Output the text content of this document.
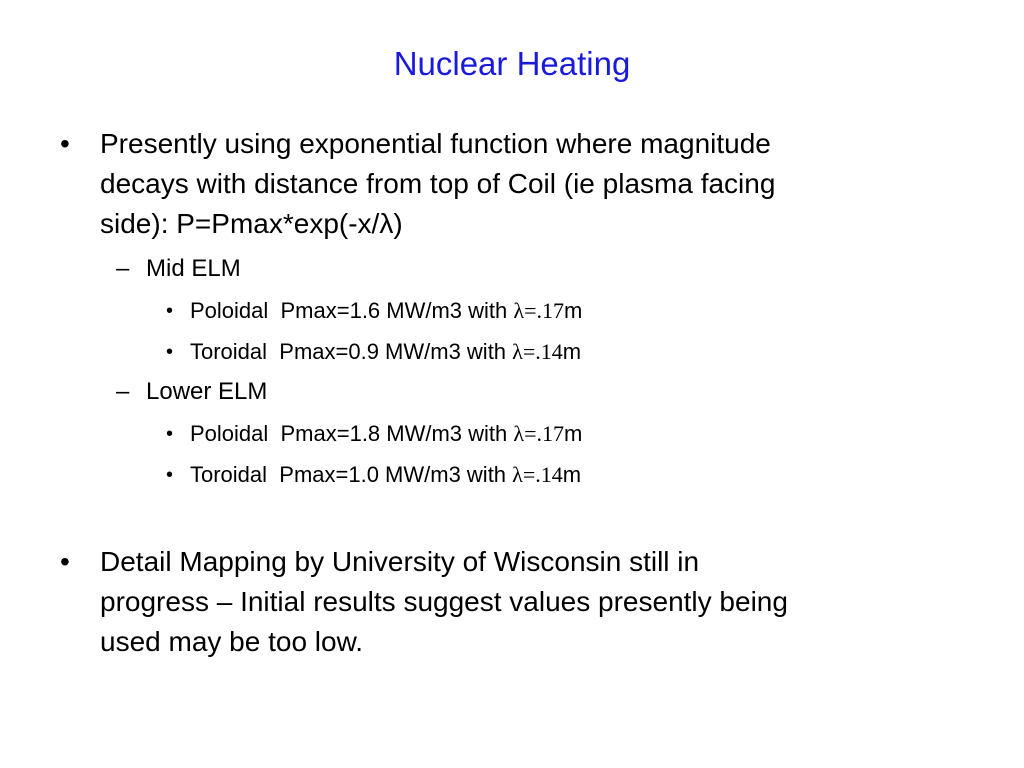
Nuclear Heating
•	Presently using exponential function where magnitude
decays with distance from top of Coil (ie plasma facing
side): P=Pmax*exp(-x/λ)
– Mid ELM
• Poloidal  Pmax=1.6 MW/m3 with λ=.17 m
• Toroidal  Pmax=0.9 MW/m3 with λ=.14 m
– Lower ELM
• Poloidal  Pmax=1.8 MW/m3 with λ=.17 m
• Toroidal  Pmax=1.0 MW/m3 with λ=.14 m
•	Detail Mapping by University of Wisconsin still in
progress – Initial results suggest values presently being
used may be too low.
